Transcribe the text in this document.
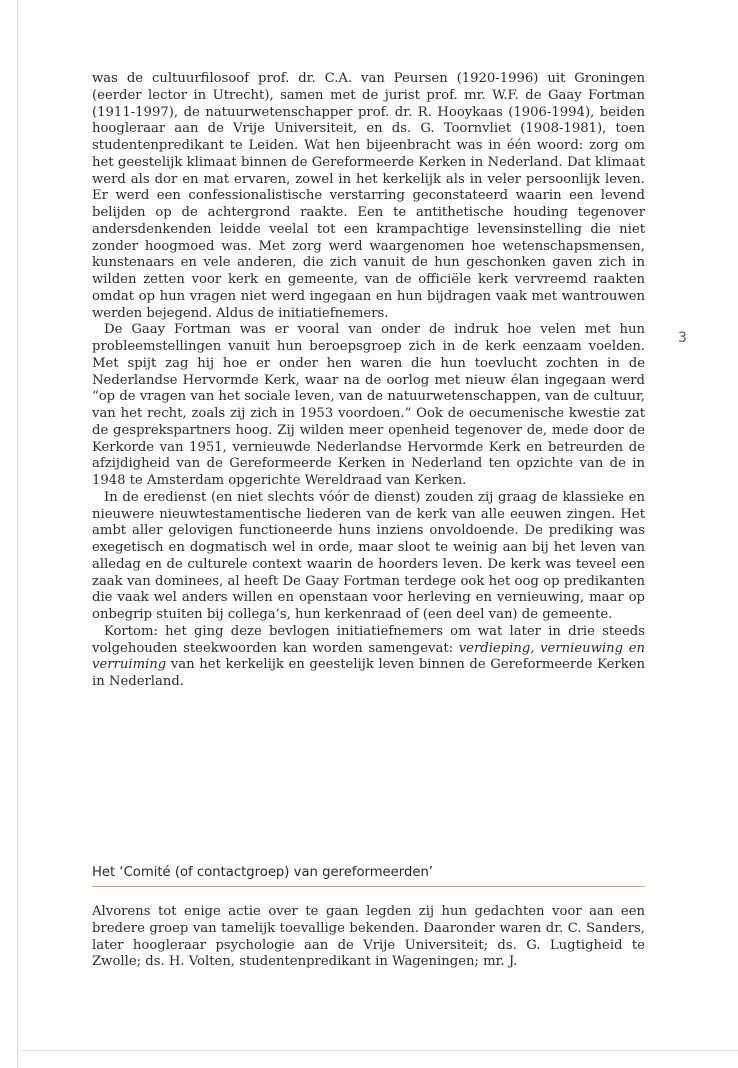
was de cultuurfilosoof prof. dr. C.A. van Peursen (1920-1996) uit Groningen (eerder lector in Utrecht), samen met de jurist prof. mr. W.F. de Gaay Fortman (1911-1997), de natuurwetenschapper prof. dr. R. Hooykaas (1906-1994), beiden hoogleraar aan de Vrije Universiteit, en ds. G. Toornvliet (1908-1981), toen studentenpredikant te Leiden. Wat hen bijeenbracht was in één woord: zorg om het geestelijk klimaat binnen de Gereformeerde Kerken in Nederland. Dat klimaat werd als dor en mat ervaren, zowel in het kerkelijk als in veler persoonlijk leven. Er werd een confessionalistische verstarring geconstateerd waarin een levend belijden op de achtergrond raakte. Een te antithetische houding tegenover andersdenkenden leidde veelal tot een krampachtige levensinstelling die niet zonder hoogmoed was. Met zorg werd waargenomen hoe wetenschapsmensen, kunstenaars en vele anderen, die zich vanuit de hun geschonken gaven zich in wilden zetten voor kerk en gemeente, van de officiële kerk vervreemd raakten omdat op hun vragen niet werd ingegaan en hun bijdragen vaak met wantrouwen werden bejegend. Aldus de initiatiefnemers.

De Gaay Fortman was er vooral van onder de indruk hoe velen met hun probleemstellingen vanuit hun beroepsgroep zich in de kerk eenzaam voelden. Met spijt zag hij hoe er onder hen waren die hun toevlucht zochten in de Nederlandse Hervormde Kerk, waar na de oorlog met nieuw élan ingegaan werd “op de vragen van het sociale leven, van de natuurwetenschappen, van de cultuur, van het recht, zoals zij zich in 1953 voordoen.” Ook de oecumenische kwestie zat de gesprekspartners hoog. Zij wilden meer openheid tegenover de, mede door de Kerkorde van 1951, vernieuwde Nederlandse Hervormde Kerk en betreurden de afzijdigheid van de Gereformeerde Kerken in Nederland ten opzichte van de in 1948 te Amsterdam opgerichte Wereldraad van Kerken.

In de eredienst (en niet slechts vóór de dienst) zouden zij graag de klassieke en nieuwere nieuwtestamentische liederen van de kerk van alle eeuwen zingen. Het ambt aller gelovigen functioneerde huns inziens onvoldoende. De prediking was exegetisch en dogmatisch wel in orde, maar sloot te weinig aan bij het leven van alledag en de culturele context waarin de hoorders leven. De kerk was teveel een zaak van dominees, al heeft De Gaay Fortman terdege ook het oog op predikanten die vaak wel anders willen en openstaan voor herleving en vernieuwing, maar op onbegrip stuiten bij collega’s, hun kerkenraad of (een deel van) de gemeente.

Kortom: het ging deze bevlogen initiatiefnemers om wat later in drie steeds volgehouden steekwoorden kan worden samengevat: verdieping, vernieuwing en verruiming van het kerkelijk en geestelijk leven binnen de Gereformeerde Kerken in Nederland.

3
Het ‘Comité (of contactgroep) van gereformeerden’

Alvorens tot enige actie over te gaan legden zij hun gedachten voor aan een bredere groep van tamelijk toevallige bekenden. Daaronder waren dr. C. Sanders, later hoogleraar psychologie aan de Vrije Universiteit; ds. G. Lugtigheid te Zwolle; ds. H. Volten, studentenpredikant in Wageningen; mr. J.
